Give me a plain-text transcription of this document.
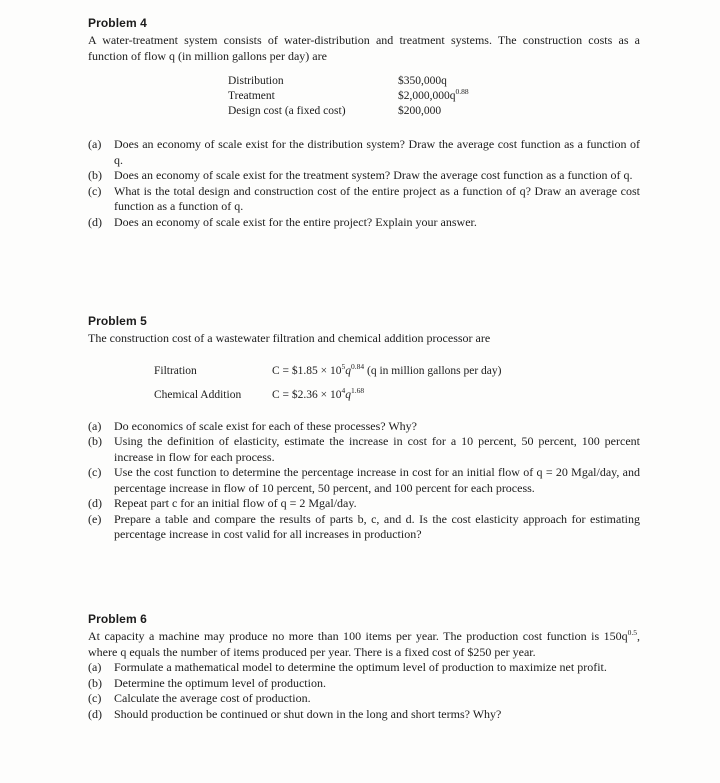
Problem 4

A water-treatment system consists of water-distribution and treatment systems. The construction costs as a function of flow q (in million gallons per day) are

Distribution	$350,000q
Treatment	$\$2,000,000q^{0.88}$
Design cost (a fixed cost)	$200,000
(a)	Does an economy of scale exist for the distribution system? Draw the average cost function as a function of q.
(b)	Does an economy of scale exist for the treatment system? Draw the average cost function as a function of q.
(c)	What is the total design and construction cost of the entire project as a function of q? Draw an average cost function as a function of q.
(d)	Does an economy of scale exist for the entire project? Explain your answer.
Problem 5

The construction cost of a wastewater filtration and chemical addition processor are

Filtration	C = $1.85 × $10^5q^{0.84}$ (q in million gallons per day)
Chemical Addition	C = $2.36 × $10^4q^{1.68}$
(a)	Do economics of scale exist for each of these processes? Why?
(b)	Using the definition of elasticity, estimate the increase in cost for a 10 percent, 50 percent, 100 percent increase in flow for each process.
(c)	Use the cost function to determine the percentage increase in cost for an initial flow of q = 20 Mgal/day, and percentage increase in flow of 10 percent, 50 percent, and 100 percent for each process.
(d)	Repeat part c for an initial flow of q = 2 Mgal/day.
(e)	Prepare a table and compare the results of parts b, c, and d. Is the cost elasticity approach for estimating percentage increase in cost valid for all increases in production?
Problem 6

At capacity a machine may produce no more than 100 items per year. The production cost function is $150q^{0.5}$, where q equals the number of items produced per year. There is a fixed cost of $250 per year.

(a)	Formulate a mathematical model to determine the optimum level of production to maximize net profit.
(b)	Determine the optimum level of production.
(c)	Calculate the average cost of production.
(d)	Should production be continued or shut down in the long and short terms? Why?
